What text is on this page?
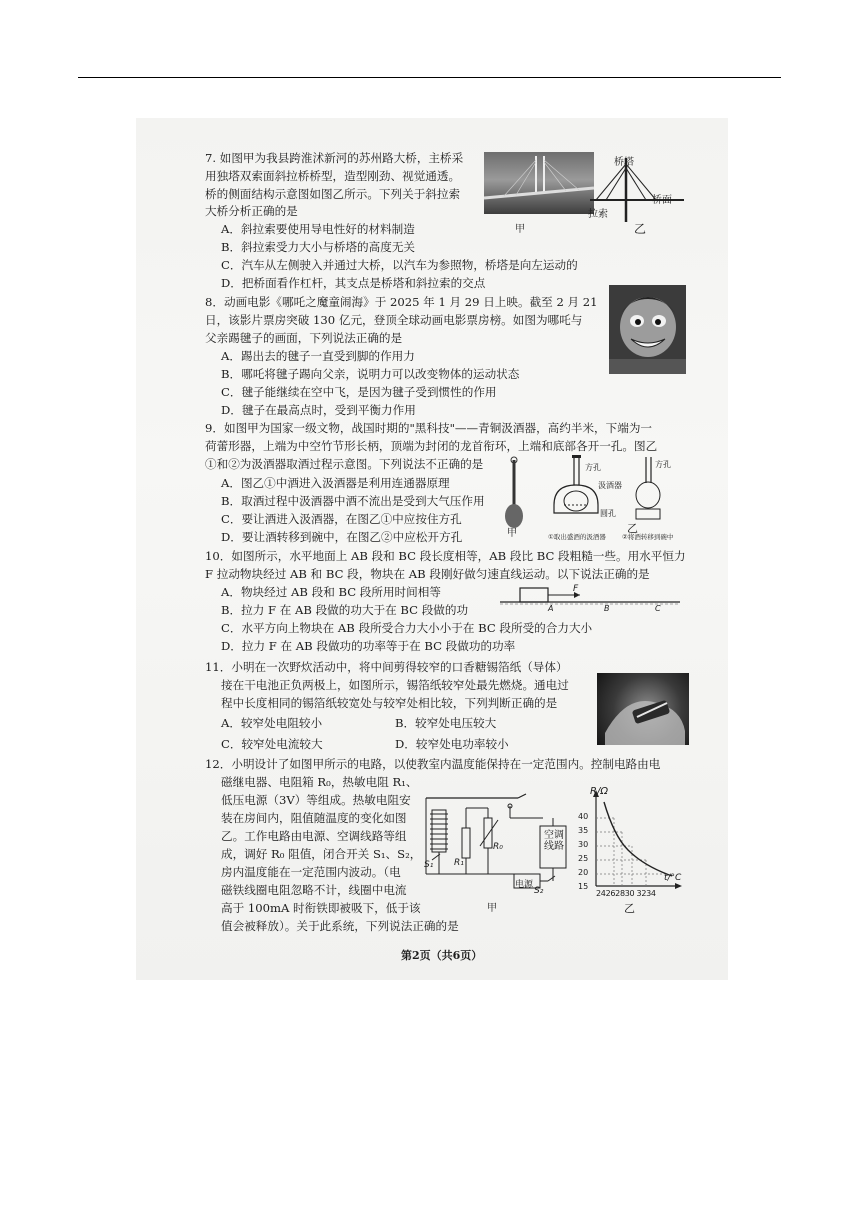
7. 如图甲为我县跨淮沭新河的苏州路大桥，主桥采
用独塔双索面斜拉桥桥型，造型刚劲、视觉通透。
桥的侧面结构示意图如图乙所示。下列关于斜拉索
大桥分析正确的是
A．斜拉索要使用导电性好的材料制造
B．斜拉索受力大小与桥塔的高度无关
C．汽车从左侧驶入并通过大桥，以汽车为参照物，桥塔是向左运动的
D．把桥面看作杠杆，其支点是桥塔和斜拉索的交点
甲
桥塔
桥面
拉索
乙
8．动画电影《哪吒之魔童闹海》于 2025 年 1 月 29 日上映。截至 2 月 21
日，该影片票房突破 130 亿元，登顶全球动画电影票房榜。如图为哪吒与
父亲踢毽子的画面，下列说法正确的是
A．踢出去的毽子一直受到脚的作用力
B．哪吒将毽子踢向父亲，说明力可以改变物体的运动状态
C．毽子能继续在空中飞，是因为毽子受到惯性的作用
D．毽子在最高点时，受到平衡力作用
9．如图甲为国家一级文物，战国时期的"黑科技"——青铜汲酒器，高约半米，下端为一
荷蕾形器，上端为中空竹节形长柄，顶端为封闭的龙首衔环，上端和底部各开一孔。图乙
①和②为汲酒器取酒过程示意图。下列说法不正确的是
A．图乙①中酒进入汲酒器是利用连通器原理
B．取酒过程中汲酒器中酒不流出是受到大气压作用
C．要让酒进入汲酒器，在图乙①中应按住方孔
D．要让酒转移到碗中，在图乙②中应松开方孔	甲
方孔	方孔
汲酒器
圆孔
乙
①取出盛酒的汲酒器 ②将酒转移到碗中
10．如图所示，水平地面上 AB 段和 BC 段长度相等，AB 段比 BC 段粗糙一些。用水平恒力
F 拉动物块经过 AB 和 BC 段，物块在 AB 段刚好做匀速直线运动。以下说法正确的是
A．物块经过 AB 段和 BC 段所用时间相等
B．拉力 F 在 AB 段做的功大于在 BC 段做的功
C．水平方向上物块在 AB 段所受合力大小小于在 BC 段所受的合力大小
D．拉力 F 在 AB 段做功的功率等于在 BC 段做功的功率
F
A	B	C
11．小明在一次野炊活动中，将中间剪得较窄的口香糖锡箔纸（导体）
接在干电池正负两极上，如图所示，锡箔纸较窄处最先燃烧。通电过
程中长度相同的锡箔纸较宽处与较窄处相比较，下列判断正确的是
A．较窄处电阻较小	B．较窄处电压较大
C．较窄处电流较大	D．较窄处电功率较小
12．小明设计了如图甲所示的电路，以使教室内温度能保持在一定范围内。控制电路由电
磁继电器、电阻箱 R₀，热敏电阻 R₁、
低压电源（3V）等组成。热敏电阻安
装在房间内，阻值随温度的变化如图
乙。工作电路由电源、空调线路等组
成，调好 R₀ 阻值，闭合开关 S₁、S₂，
房内温度能在一定范围内波动。（电
磁铁线圈电阻忽略不计，线圈中电流
高于 100mA 时衔铁即被吸下，低于该
值会被释放）。关于此系统，下列说法正确的是
R₀
R₁
S₁
S₂
空调线路
电源
甲
R/Ω
t/°C
40
35
30
25
20
15
24262830 3234
乙
第2页（共6页）
